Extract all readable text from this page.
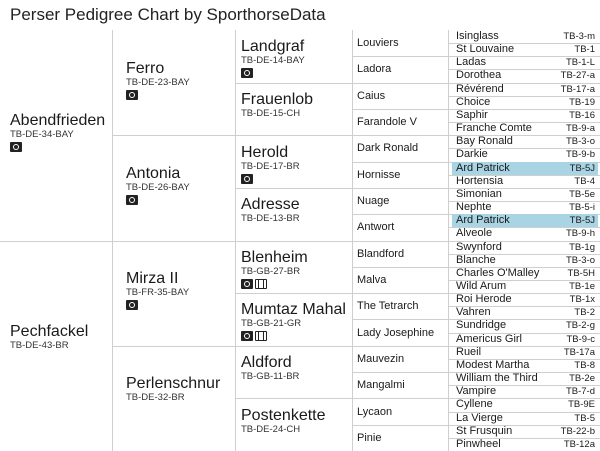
Perser Pedigree Chart by SporthorseData
Abendfrieden
TB-DE-34-BAY
Pechfackel
TB-DE-43-BR
Ferro
TB-DE-23-BAY
Antonia
TB-DE-26-BAY
Mirza II
TB-FR-35-BAY
Perlenschnur
TB-DE-32-BR
Landgraf
TB-DE-14-BAY
Frauenlob
TB-DE-15-CH
Herold
TB-DE-17-BR
Adresse
TB-DE-13-BR
Blenheim
TB-GB-27-BR
Mumtaz Mahal
TB-GB-21-GR
Aldford
TB-GB-11-BR
Postenkette
TB-DE-24-CH
Louviers
Ladora
Caius
Farandole V
Dark Ronald
Hornisse
Nuage
Antwort
Blandford
Malva
The Tetrarch
Lady Josephine
Mauvezin
Mangalmi
Lycaon
Pinie
Isinglass	TB-3-m
St Louvaine	TB-1
Ladas	TB-1-L
Dorothea	TB-27-a
Révérend	TB-17-a
Choice	TB-19
Saphir	TB-16
Franche Comte	TB-9-a
Bay Ronald	TB-3-o
Darkie	TB-9-b
Ard Patrick	TB-5J
Hortensia	TB-4
Simonian	TB-5e
Nephte	TB-5-i
Ard Patrick	TB-5J
Alveole	TB-9-h
Swynford	TB-1g
Blanche	TB-3-o
Charles O'Malley	TB-5H
Wild Arum	TB-1e
Roi Herode	TB-1x
Vahren	TB-2
Sundridge	TB-2-g
Americus Girl	TB-9-c
Rueil	TB-17a
Modest Martha	TB-8
William the Third	TB-2e
Vampire	TB-7-d
Cyllene	TB-9E
La Vierge	TB-5
St Frusquin	TB-22-b
Pinwheel	TB-12a
